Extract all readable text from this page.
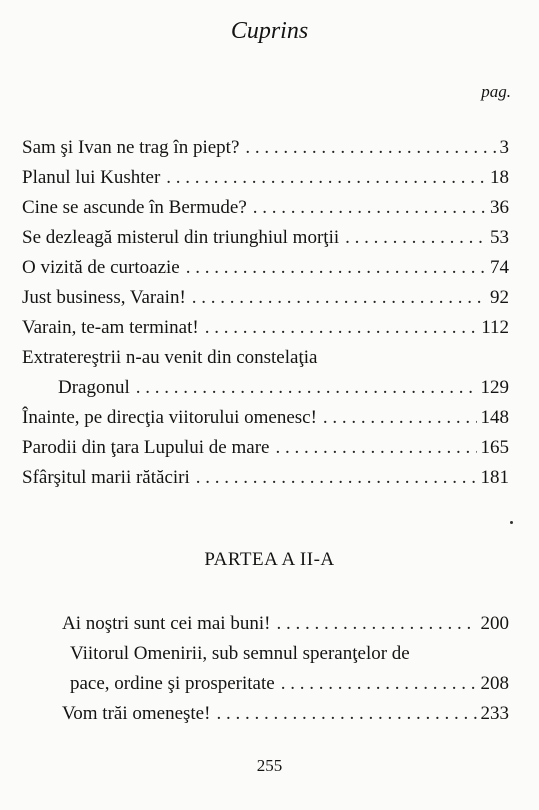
Cuprins
pag.
Sam şi Ivan ne trag în piept? . . .	3
Planul lui Kushter . . .	18
Cine se ascunde în Bermude? . . .	36
Se dezleagă misterul din triunghiul morţii . . .	53
O vizită de curtoazie . . .	74
Just business, Varain! . . .	92
Varain, te-am terminat! . . .	112
Extratereştrii n-au venit din constelaţia
Dragonul . . .	129
Înainte, pe direcţia viitorului omenesc! . . .	148
Parodii din ţara Lupului de mare . . .	165
Sfârşitul marii rătăciri . . .	181
PARTEA A II-A
Ai noştri sunt cei mai buni! . . .	200
Viitorul Omenirii, sub semnul speranţelor de
pace, ordine şi prosperitate . . .	208
Vom trăi omeneşte! . . .	233
255
